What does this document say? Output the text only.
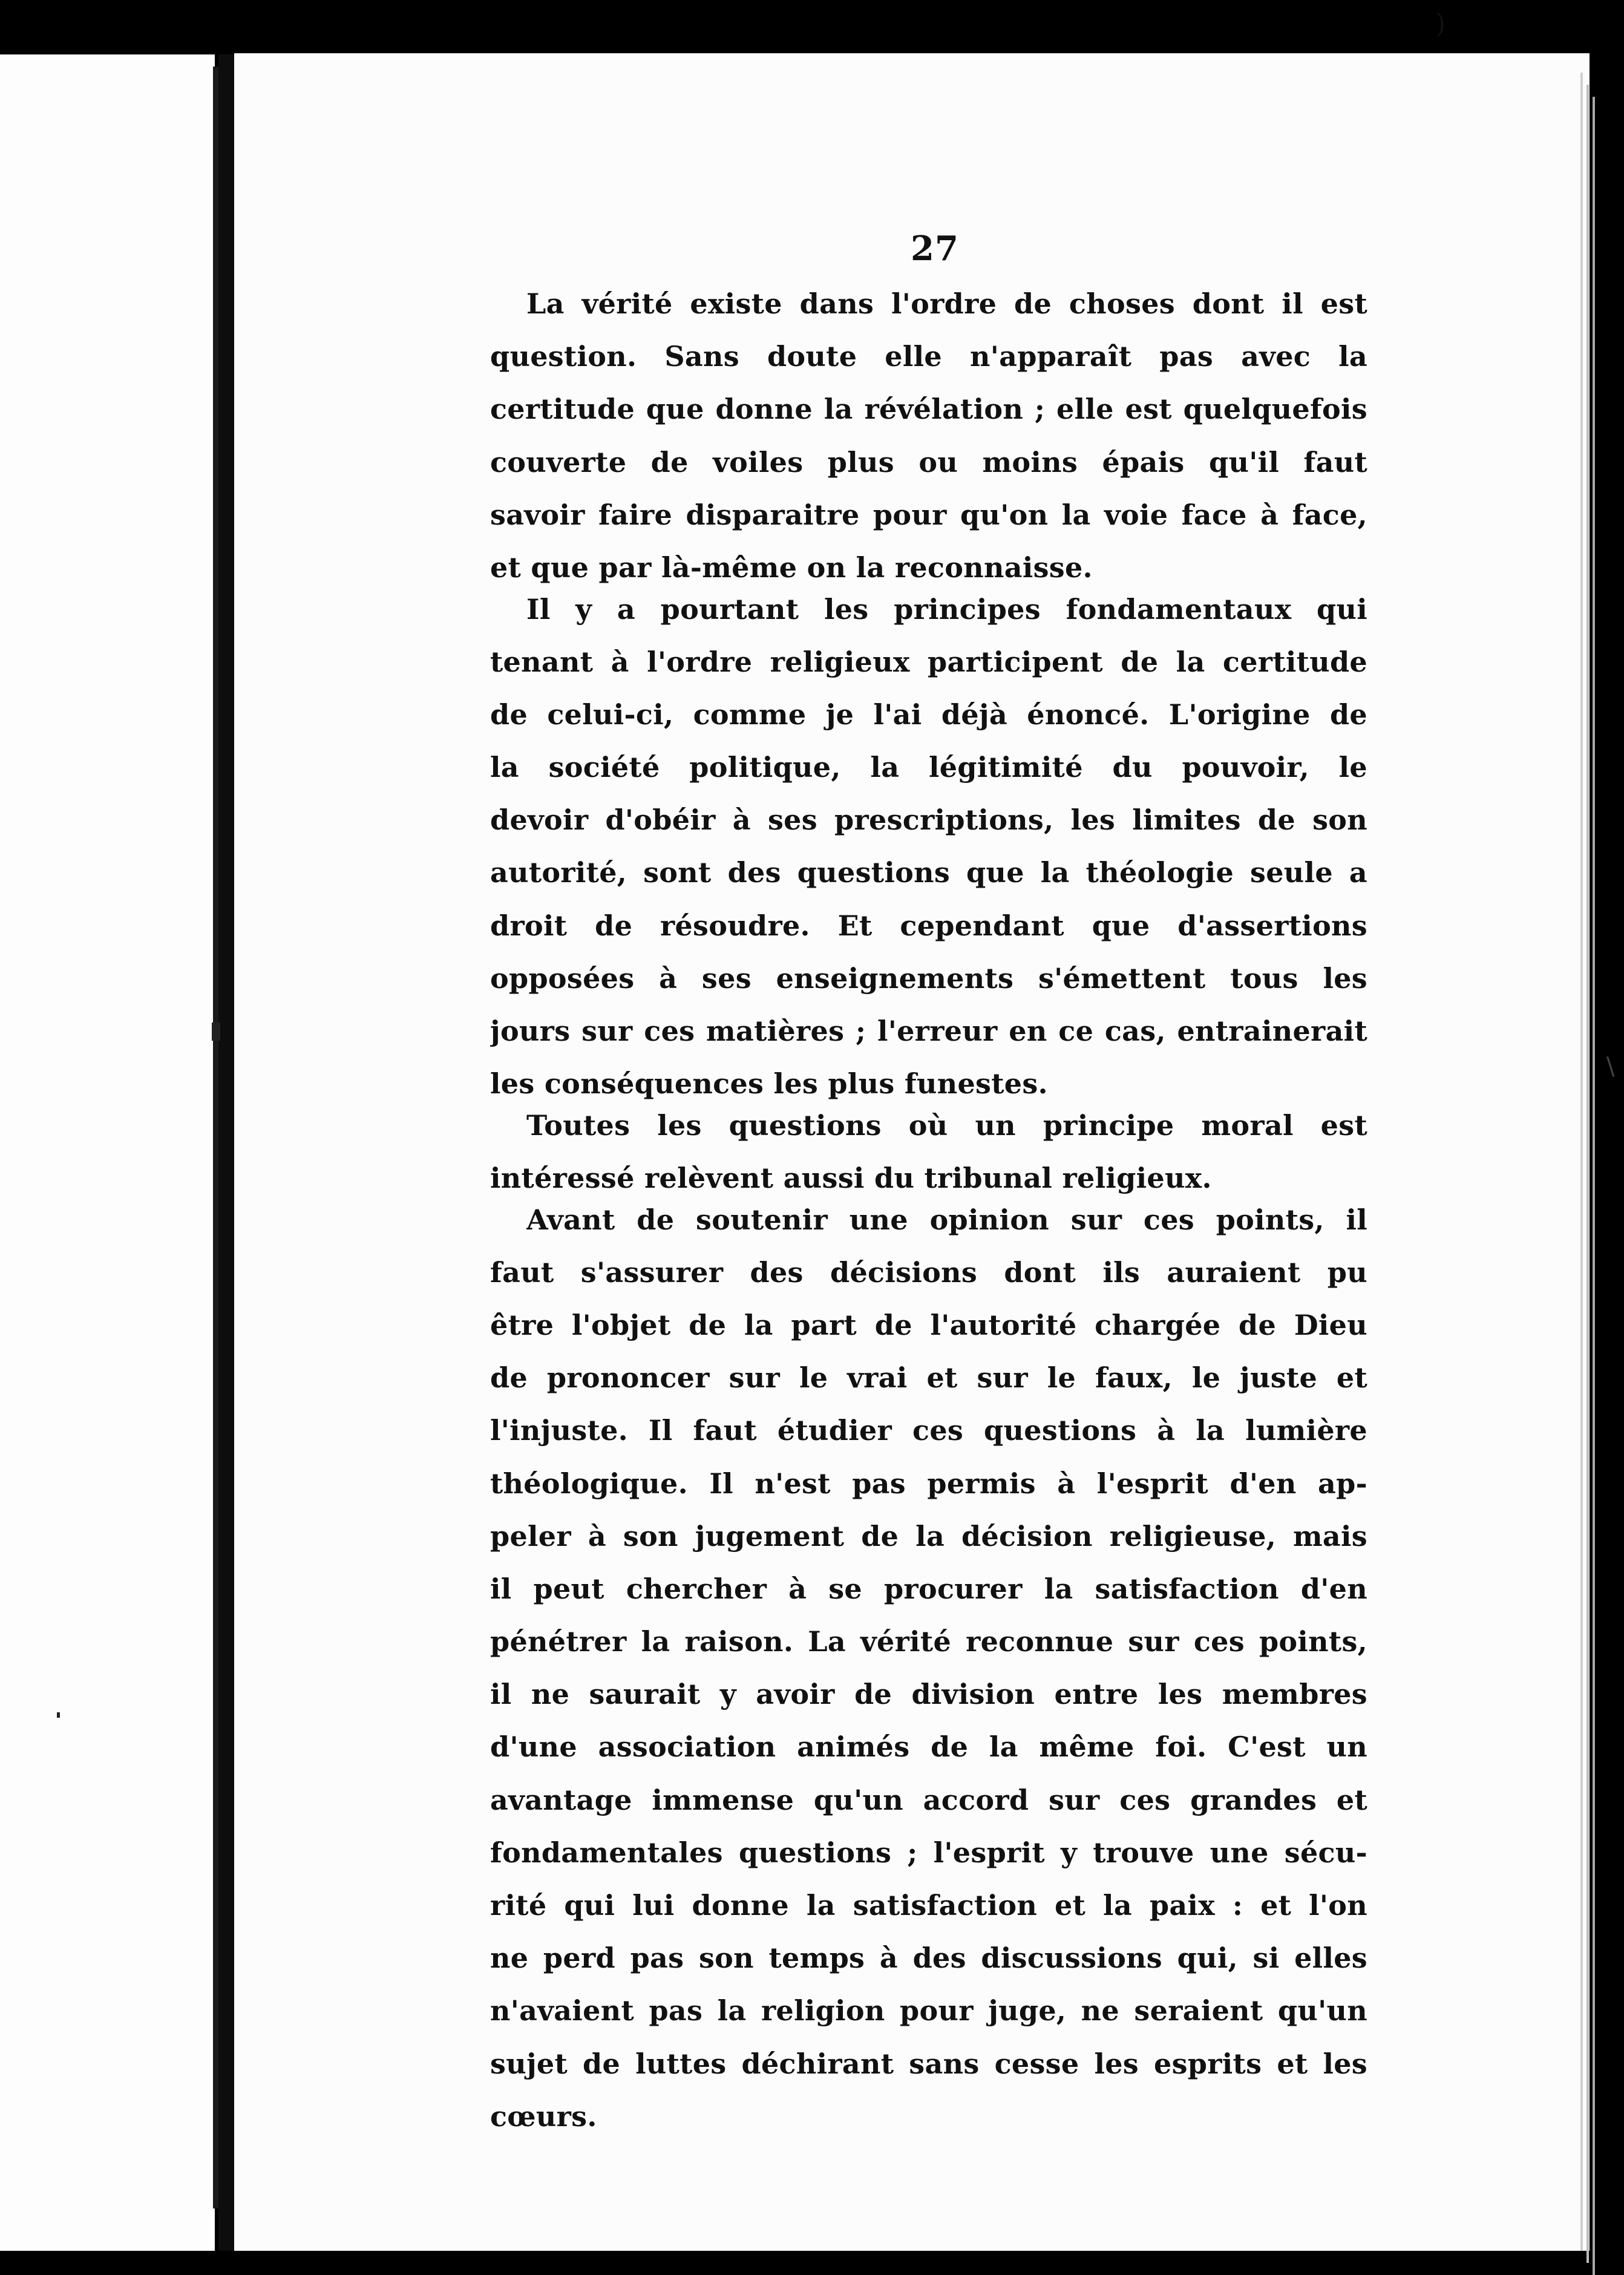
27
La vérité existe dans l'ordre de choses dont il est
question. Sans doute elle n'apparaît pas avec la
certitude que donne la révélation ; elle est quelquefois
couverte de voiles plus ou moins épais qu'il faut
savoir faire disparaitre pour qu'on la voie face à face,
et que par là-même on la reconnaisse.
Il y a pourtant les principes fondamentaux qui
tenant à l'ordre religieux participent de la certitude
de celui-ci, comme je l'ai déjà énoncé. L'origine de
la société politique, la légitimité du pouvoir, le
devoir d'obéir à ses prescriptions, les limites de son
autorité, sont des questions que la théologie seule a
droit de résoudre. Et cependant que d'assertions
opposées à ses enseignements s'émettent tous les
jours sur ces matières ; l'erreur en ce cas, entrainerait
les conséquences les plus funestes.
Toutes les questions où un principe moral est
intéressé relèvent aussi du tribunal religieux.
Avant de soutenir une opinion sur ces points, il
faut s'assurer des décisions dont ils auraient pu
être l'objet de la part de l'autorité chargée de Dieu
de prononcer sur le vrai et sur le faux, le juste et
l'injuste. Il faut étudier ces questions à la lumière
théologique. Il n'est pas permis à l'esprit d'en ap-
peler à son jugement de la décision religieuse, mais
il peut chercher à se procurer la satisfaction d'en
pénétrer la raison. La vérité reconnue sur ces points,
il ne saurait y avoir de division entre les membres
d'une association animés de la même foi. C'est un
avantage immense qu'un accord sur ces grandes et
fondamentales questions ; l'esprit y trouve une sécu-
rité qui lui donne la satisfaction et la paix : et l'on
ne perd pas son temps à des discussions qui, si elles
n'avaient pas la religion pour juge, ne seraient qu'un
sujet de luttes déchirant sans cesse les esprits et les
cœurs.
)
\
